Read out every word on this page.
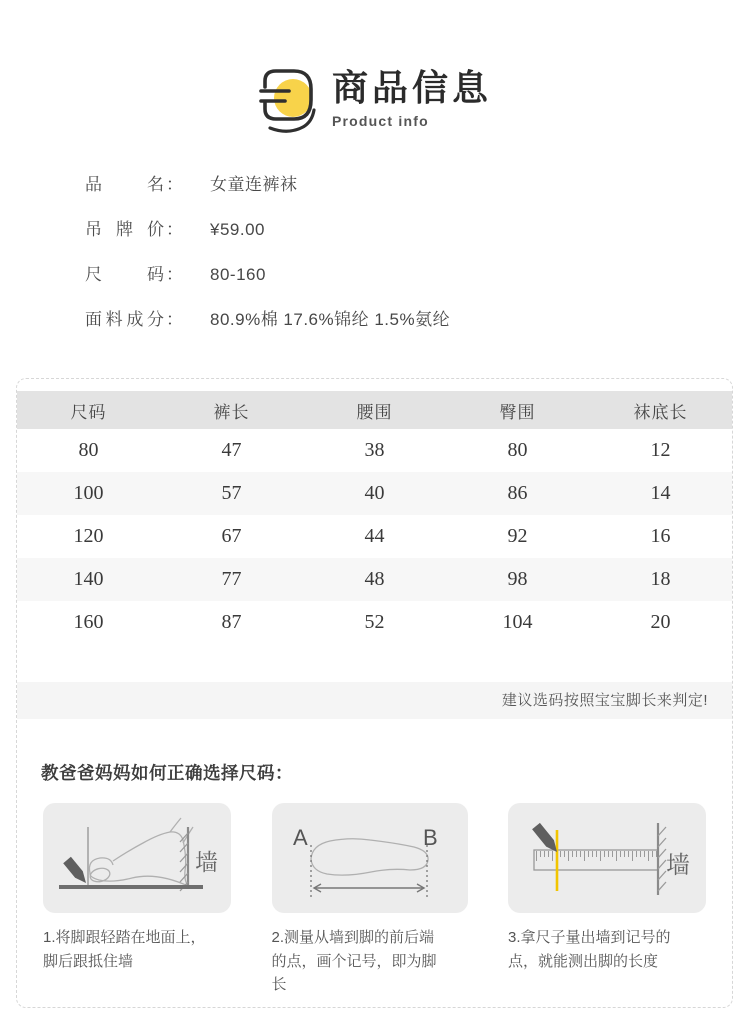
商品信息
Product info
品名 ： 女童连裤袜
吊牌价 ： ¥59.00
尺码 ： 80-160
面料成分 ： 80.9%棉 17.6%锦纶 1.5%氨纶
尺码	裤长	腰围	臀围	袜底长
80	47	38	80	12
100	57	40	86	14
120	67	44	92	16
140	77	48	98	18
160	87	52	104	20
建议选码按照宝宝脚长来判定!
教爸爸妈妈如何正确选择尺码：
墙
A	B
墙

1.将脚跟轻踏在地面上，脚后跟抵住墙

2.测量从墙到脚的前后端的点，画个记号，即为脚长

3.拿尺子量出墙到记号的点，就能测出脚的长度
